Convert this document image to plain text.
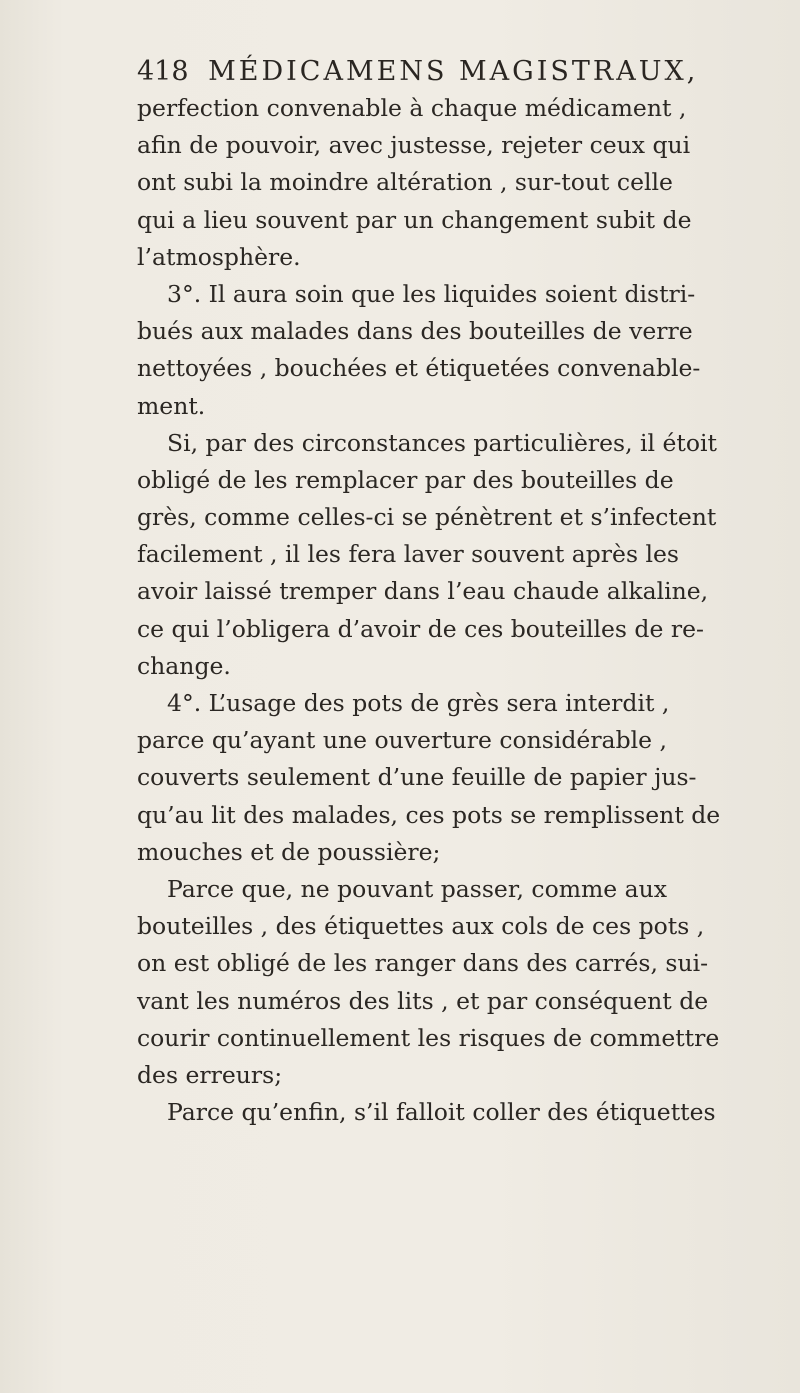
418 MÉDICAMENS MAGISTRAUX,
perfection convenable à chaque médicament ,
afin de pouvoir, avec justesse, rejeter ceux qui
ont subi la moindre altération , sur-tout celle
qui a lieu souvent par un changement subit de
l’atmosphère.
3°. Il aura soin que les liquides soient distri-
bués aux malades dans des bouteilles de verre
nettoyées , bouchées et étiquetées convenable-
ment.
Si, par des circonstances particulières, il étoit
obligé de les remplacer par des bouteilles de
grès, comme celles-ci se pénètrent et s’infectent
facilement , il les fera laver souvent après les
avoir laissé tremper dans l’eau chaude alkaline,
ce qui l’obligera d’avoir de ces bouteilles de re-
change.
4°. L’usage des pots de grès sera interdit ,
parce qu’ayant une ouverture considérable ,
couverts seulement d’une feuille de papier jus-
qu’au lit des malades, ces pots se remplissent de
mouches et de poussière;
Parce que, ne pouvant passer, comme aux
bouteilles , des étiquettes aux cols de ces pots ,
on est obligé de les ranger dans des carrés, sui-
vant les numéros des lits , et par conséquent de
courir continuellement les risques de commettre
des erreurs;
Parce qu’enfin, s’il falloit coller des étiquettes
